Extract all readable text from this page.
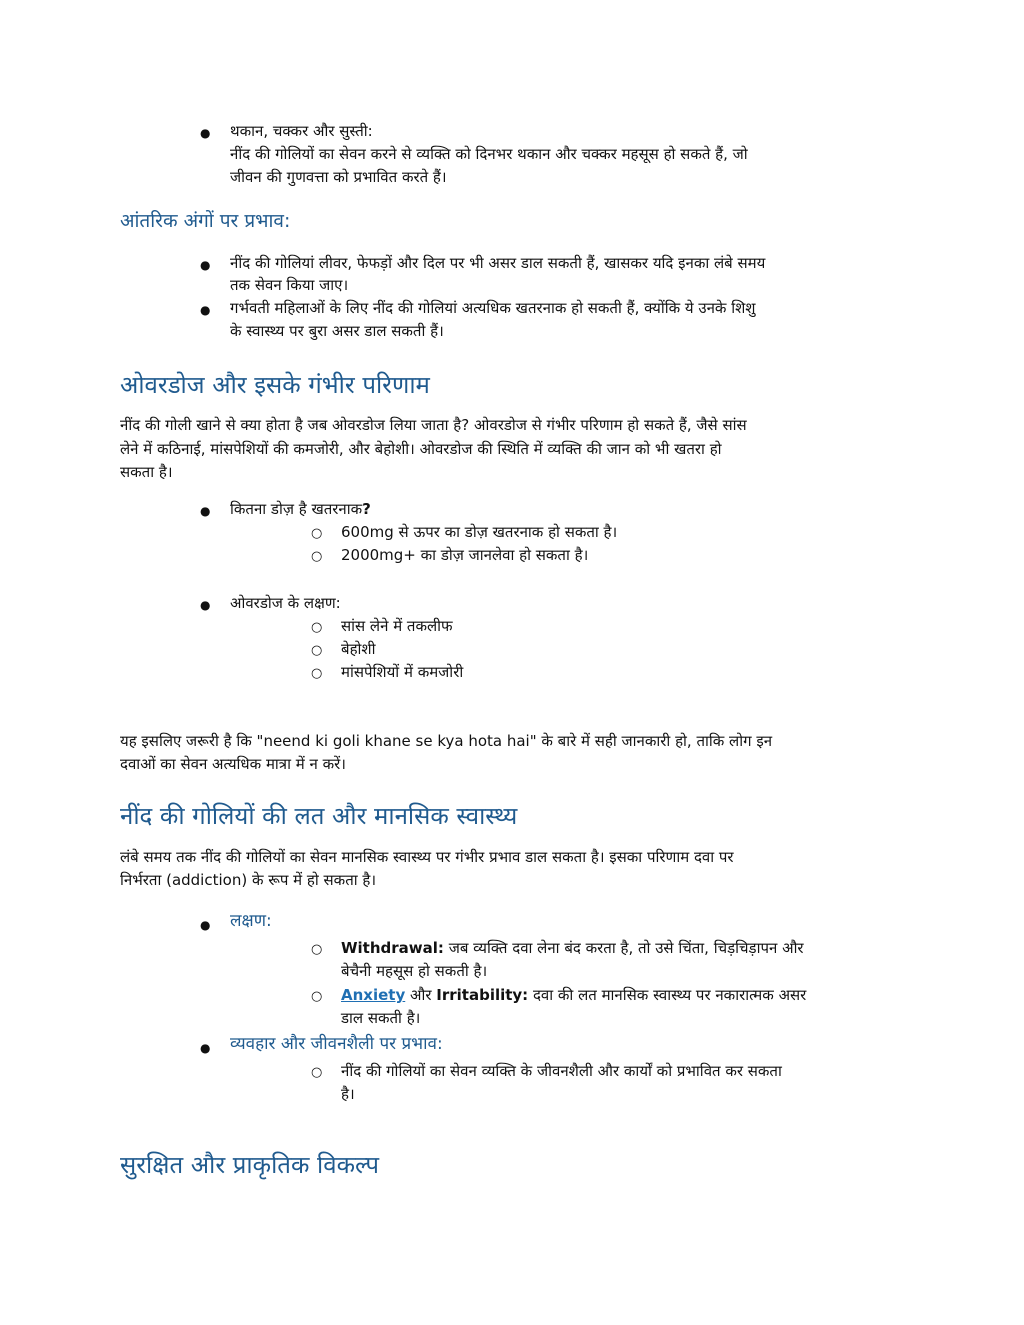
● थकान, चक्कर और सुस्ती:
नींद की गोलियों का सेवन करने से व्यक्ति को दिनभर थकान और चक्कर महसूस हो सकते हैं, जो
जीवन की गुणवत्ता को प्रभावित करते हैं।
आंतरिक अंगों पर प्रभाव:
● नींद की गोलियां लीवर, फेफड़ों और दिल पर भी असर डाल सकती हैं, खासकर यदि इनका लंबे समय
तक सेवन किया जाए।
● गर्भवती महिलाओं के लिए नींद की गोलियां अत्यधिक खतरनाक हो सकती हैं, क्योंकि ये उनके शिशु
के स्वास्थ्य पर बुरा असर डाल सकती हैं।
ओवरडोज और इसके गंभीर परिणाम
नींद की गोली खाने से क्या होता है जब ओवरडोज लिया जाता है? ओवरडोज से गंभीर परिणाम हो सकते हैं, जैसे सांस
लेने में कठिनाई, मांसपेशियों की कमजोरी, और बेहोशी। ओवरडोज की स्थिति में व्यक्ति की जान को भी खतरा हो
सकता है।
● कितना डोज़ है खतरनाक?
○ 600mg से ऊपर का डोज़ खतरनाक हो सकता है।
○ 2000mg+ का डोज़ जानलेवा हो सकता है।
● ओवरडोज के लक्षण:
○ सांस लेने में तकलीफ
○ बेहोशी
○ मांसपेशियों में कमजोरी
यह इसलिए जरूरी है कि "neend ki goli khane se kya hota hai" के बारे में सही जानकारी हो, ताकि लोग इन
दवाओं का सेवन अत्यधिक मात्रा में न करें।
नींद की गोलियों की लत और मानसिक स्वास्थ्य
लंबे समय तक नींद की गोलियों का सेवन मानसिक स्वास्थ्य पर गंभीर प्रभाव डाल सकता है। इसका परिणाम दवा पर
निर्भरता (addiction) के रूप में हो सकता है।
● लक्षण:
○ Withdrawal: जब व्यक्ति दवा लेना बंद करता है, तो उसे चिंता, चिड़चिड़ापन और
बेचैनी महसूस हो सकती है।
○ Anxiety और Irritability: दवा की लत मानसिक स्वास्थ्य पर नकारात्मक असर
डाल सकती है।
● व्यवहार और जीवनशैली पर प्रभाव:
○ नींद की गोलियों का सेवन व्यक्ति के जीवनशैली और कार्यों को प्रभावित कर सकता
है।
सुरक्षित और प्राकृतिक विकल्प
